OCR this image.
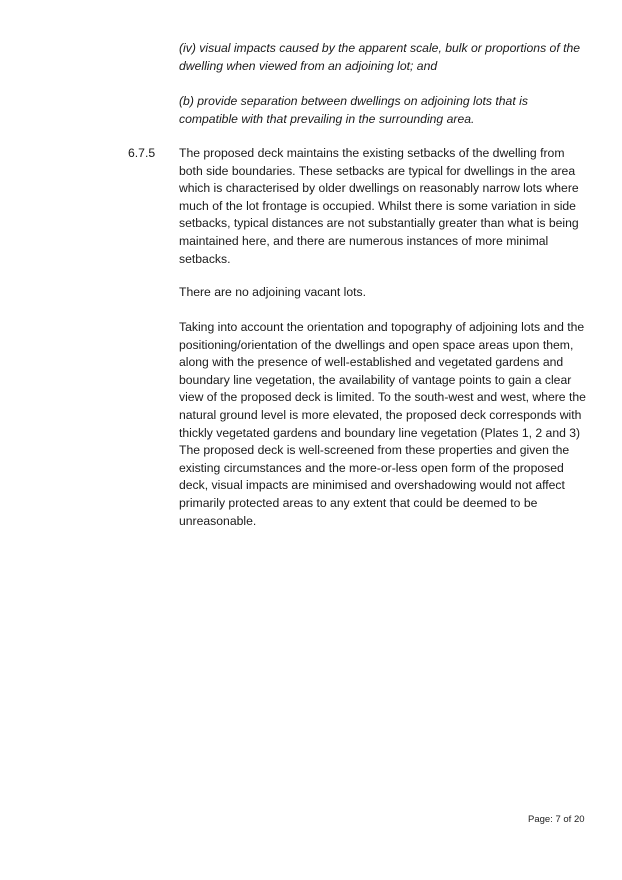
(iv) visual impacts caused by the apparent scale, bulk or proportions of the dwelling when viewed from an adjoining lot; and

(b) provide separation between dwellings on adjoining lots that is compatible with that prevailing in the surrounding area.

6.7.5 The proposed deck maintains the existing setbacks of the dwelling from both side boundaries. These setbacks are typical for dwellings in the area which is characterised by older dwellings on reasonably narrow lots where much of the lot frontage is occupied. Whilst there is some variation in side setbacks, typical distances are not substantially greater than what is being maintained here, and there are numerous instances of more minimal setbacks.

There are no adjoining vacant lots.

Taking into account the orientation and topography of adjoining lots and the positioning/orientation of the dwellings and open space areas upon them, along with the presence of well-established and vegetated gardens and boundary line vegetation, the availability of vantage points to gain a clear view of the proposed deck is limited. To the south-west and west, where the natural ground level is more elevated, the proposed deck corresponds with thickly vegetated gardens and boundary line vegetation (Plates 1, 2 and 3) The proposed deck is well-screened from these properties and given the existing circumstances and the more-or-less open form of the proposed deck, visual impacts are minimised and overshadowing would not affect primarily protected areas to any extent that could be deemed to be unreasonable.

Page: 7 of 20
